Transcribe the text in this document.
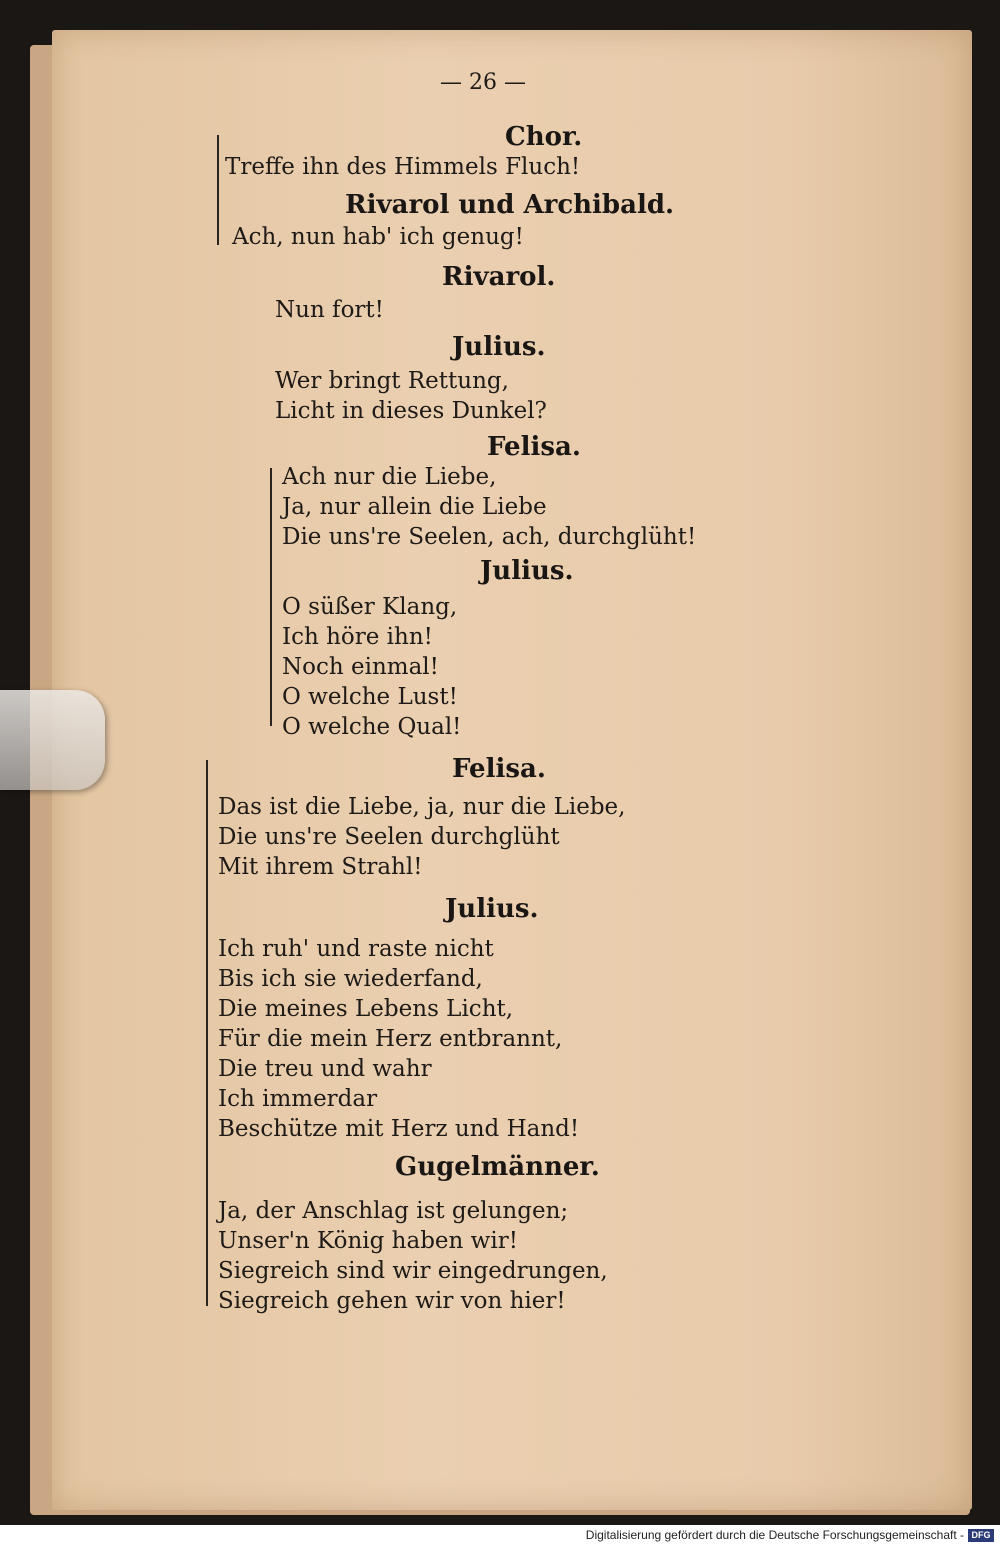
— 26 —
Chor.
Treffe ihn des Himmels Fluch!
Rivarol und Archibald.
Ach, nun hab' ich genug!
Rivarol.
Nun fort!
Julius.
Wer bringt Rettung,
Licht in dieses Dunkel?
Felisa.
Ach nur die Liebe,
Ja, nur allein die Liebe
Die uns're Seelen, ach, durchglüht!
Julius.
O süßer Klang,
Ich höre ihn!
Noch einmal!
O welche Lust!
O welche Qual!
Felisa.
Das ist die Liebe, ja, nur die Liebe,
Die uns're Seelen durchglüht
Mit ihrem Strahl!
Julius.
Ich ruh' und raste nicht
Bis ich sie wiederfand,
Die meines Lebens Licht,
Für die mein Herz entbrannt,
Die treu und wahr
Ich immerdar
Beschütze mit Herz und Hand!
Gugelmänner.
Ja, der Anschlag ist gelungen;
Unser'n König haben wir!
Siegreich sind wir eingedrungen,
Siegreich gehen wir von hier!
Digitalisierung gefördert durch die Deutsche Forschungsgemeinschaft - DFG
